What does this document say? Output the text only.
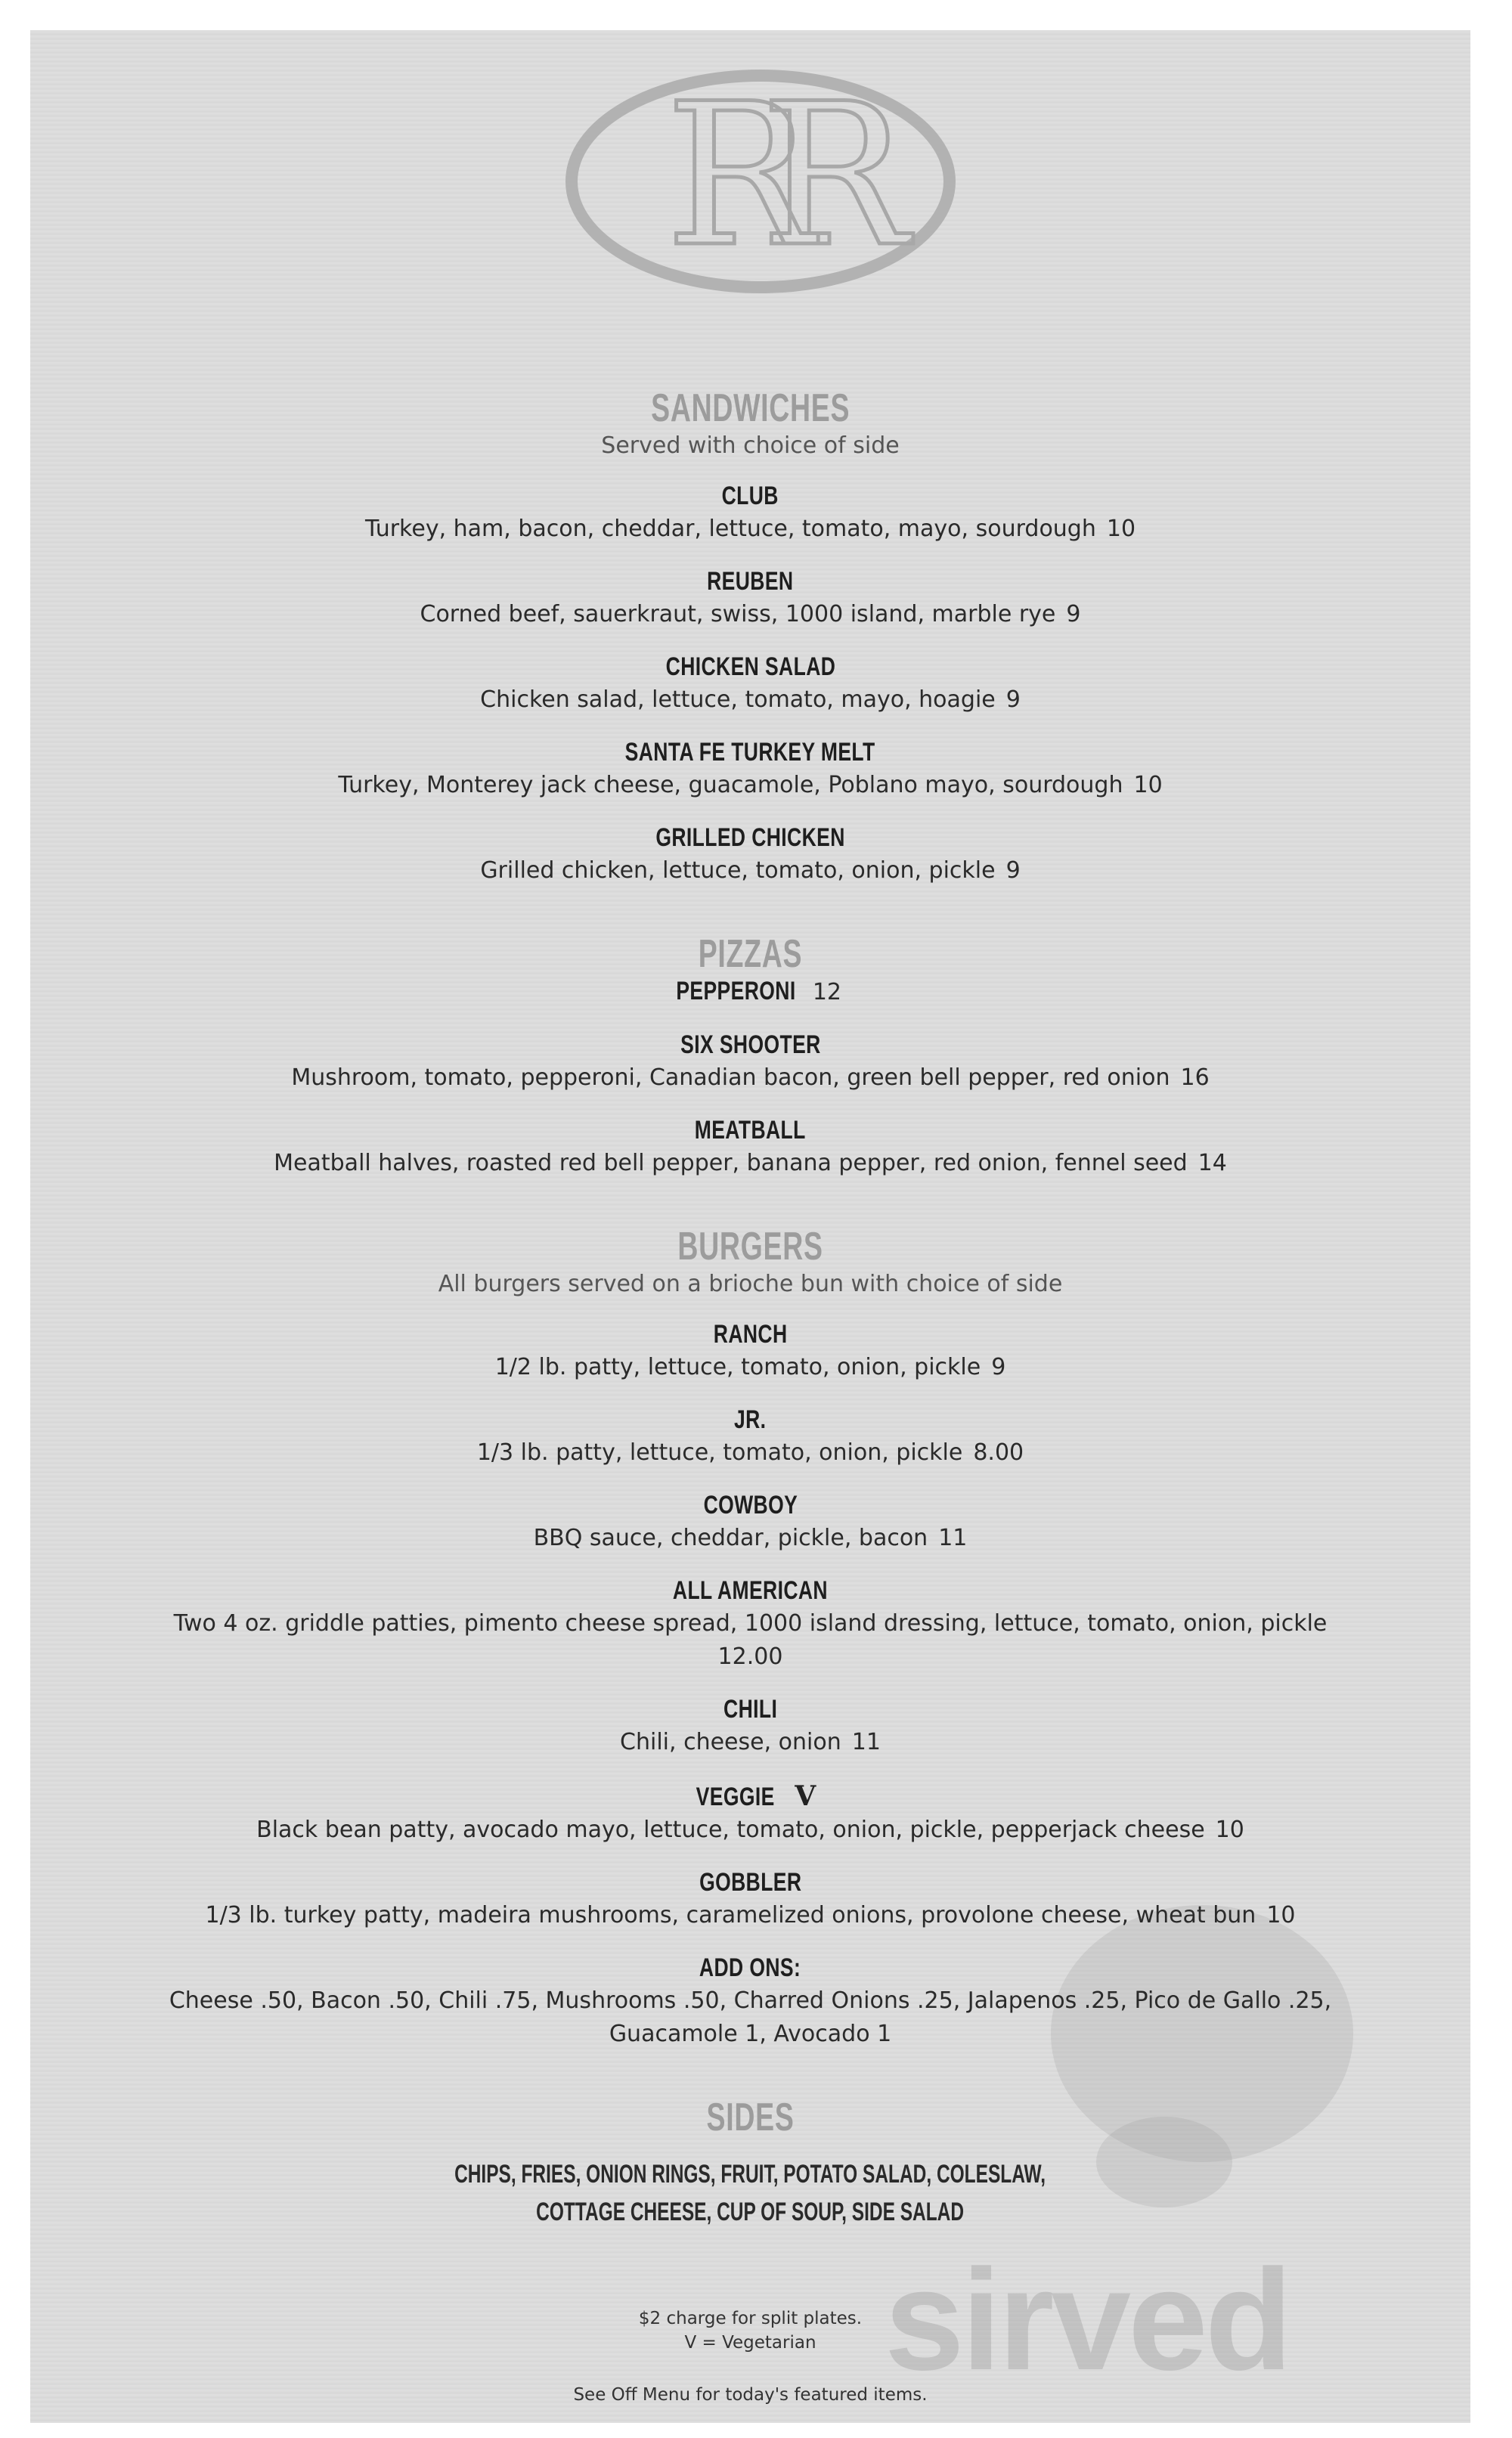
RR
sirved
SANDWICHES
Served with choice of side
CLUB
Turkey, ham, bacon, cheddar, lettuce, tomato, mayo, sourdough 10
REUBEN
Corned beef, sauerkraut, swiss, 1000 island, marble rye 9
CHICKEN SALAD
Chicken salad, lettuce, tomato, mayo, hoagie 9
SANTA FE TURKEY MELT
Turkey, Monterey jack cheese, guacamole, Poblano mayo, sourdough 10
GRILLED CHICKEN
Grilled chicken, lettuce, tomato, onion, pickle 9
PIZZAS
PEPPERONI 12
SIX SHOOTER
Mushroom, tomato, pepperoni, Canadian bacon, green bell pepper, red onion 16
MEATBALL
Meatball halves, roasted red bell pepper, banana pepper, red onion, fennel seed 14
BURGERS
All burgers served on a brioche bun with choice of side
RANCH
1/2 lb. patty, lettuce, tomato, onion, pickle 9
JR.
1/3 lb. patty, lettuce, tomato, onion, pickle 8.00
COWBOY
BBQ sauce, cheddar, pickle, bacon 11
ALL AMERICAN
Two 4 oz. griddle patties, pimento cheese spread, 1000 island dressing, lettuce, tomato, onion, pickle
12.00
CHILI
Chili, cheese, onion 11
VEGGIE V
Black bean patty, avocado mayo, lettuce, tomato, onion, pickle, pepperjack cheese 10
GOBBLER
1/3 lb. turkey patty, madeira mushrooms, caramelized onions, provolone cheese, wheat bun 10
ADD ONS:
Cheese .50, Bacon .50, Chili .75, Mushrooms .50, Charred Onions .25, Jalapenos .25, Pico de Gallo .25,
Guacamole 1, Avocado 1
SIDES
CHIPS, FRIES, ONION RINGS, FRUIT, POTATO SALAD, COLESLAW,
COTTAGE CHEESE, CUP OF SOUP, SIDE SALAD
$2 charge for split plates.
V = Vegetarian
See Off Menu for today's featured items.
